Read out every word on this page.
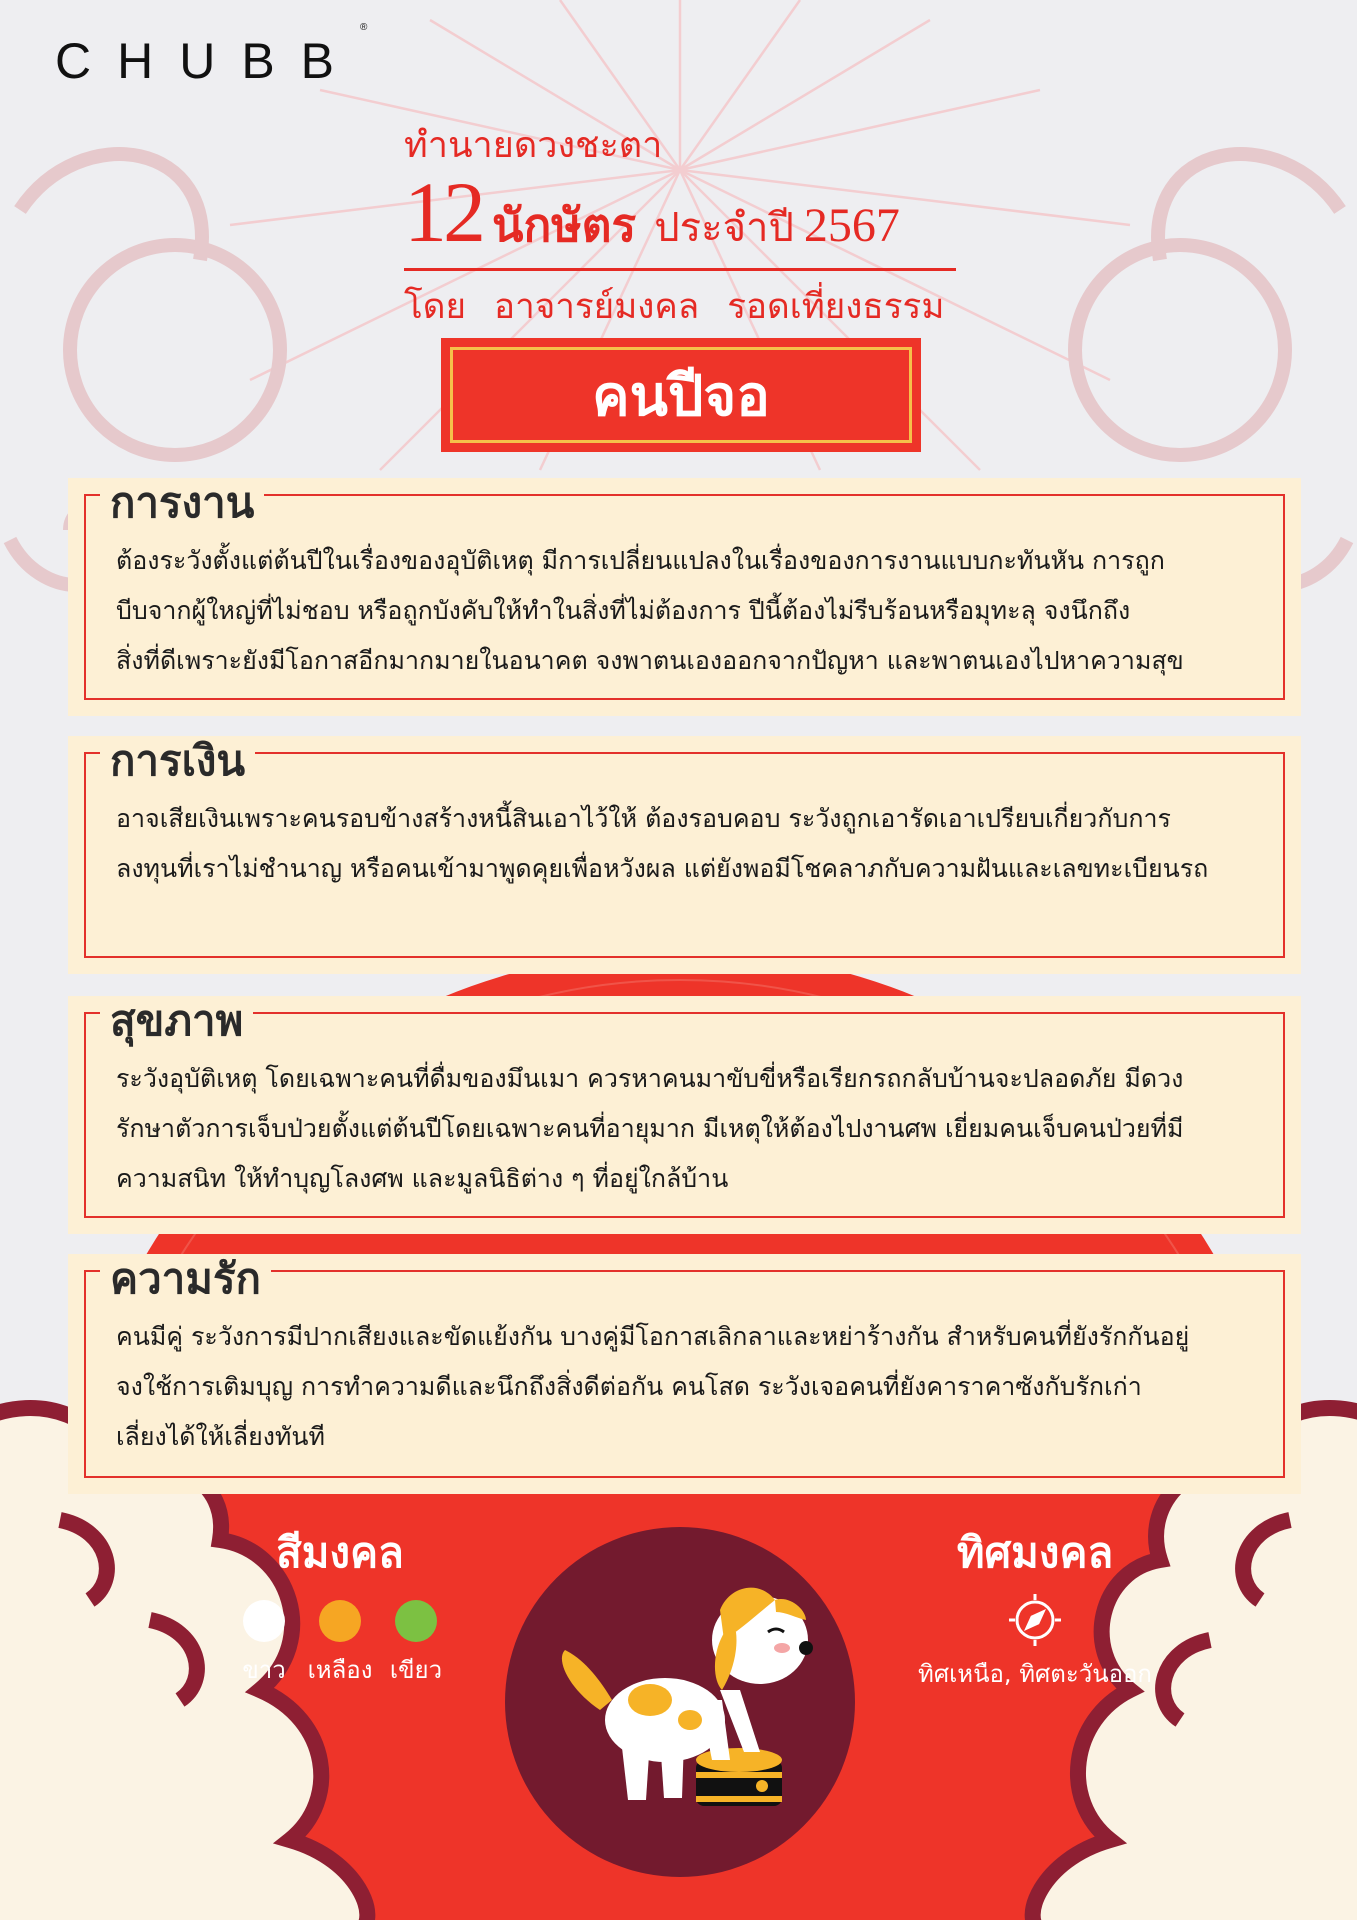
CHUBB®
ทำนายดวงชะตา
12 นักษัตร ประจำปี 2567
โดย อาจารย์มงคล รอดเที่ยงธรรม
คนปีจอ
การงาน
ต้องระวังตั้งแต่ต้นปีในเรื่องของอุบัติเหตุ มีการเปลี่ยนแปลงในเรื่องของการงานแบบกะทันหัน การถูก
บีบจากผู้ใหญ่ที่ไม่ชอบ หรือถูกบังคับให้ทำในสิ่งที่ไม่ต้องการ ปีนี้ต้องไม่รีบร้อนหรือมุทะลุ จงนึกถึง
สิ่งที่ดีเพราะยังมีโอกาสอีกมากมายในอนาคต จงพาตนเองออกจากปัญหา และพาตนเองไปหาความสุข
การเงิน
อาจเสียเงินเพราะคนรอบข้างสร้างหนี้สินเอาไว้ให้ ต้องรอบคอบ ระวังถูกเอารัดเอาเปรียบเกี่ยวกับการ
ลงทุนที่เราไม่ชำนาญ หรือคนเข้ามาพูดคุยเพื่อหวังผล แต่ยังพอมีโชคลาภกับความฝันและเลขทะเบียนรถ
สุขภาพ
ระวังอุบัติเหตุ โดยเฉพาะคนที่ดื่มของมึนเมา ควรหาคนมาขับขี่หรือเรียกรถกลับบ้านจะปลอดภัย มีดวง
รักษาตัวการเจ็บป่วยตั้งแต่ต้นปีโดยเฉพาะคนที่อายุมาก มีเหตุให้ต้องไปงานศพ เยี่ยมคนเจ็บคนป่วยที่มี
ความสนิท ให้ทำบุญโลงศพ และมูลนิธิต่าง ๆ ที่อยู่ใกล้บ้าน
ความรัก
คนมีคู่ ระวังการมีปากเสียงและขัดแย้งกัน บางคู่มีโอกาสเลิกลาและหย่าร้างกัน สำหรับคนที่ยังรักกันอยู่
จงใช้การเติมบุญ การทำความดีและนึกถึงสิ่งดีต่อกัน คนโสด ระวังเจอคนที่ยังคาราคาซังกับรักเก่า
เลี่ยงได้ให้เลี่ยงทันที
สีมงคล
ขาว เหลือง เขียว
ทิศมงคล
ทิศเหนือ, ทิศตะวันออก
